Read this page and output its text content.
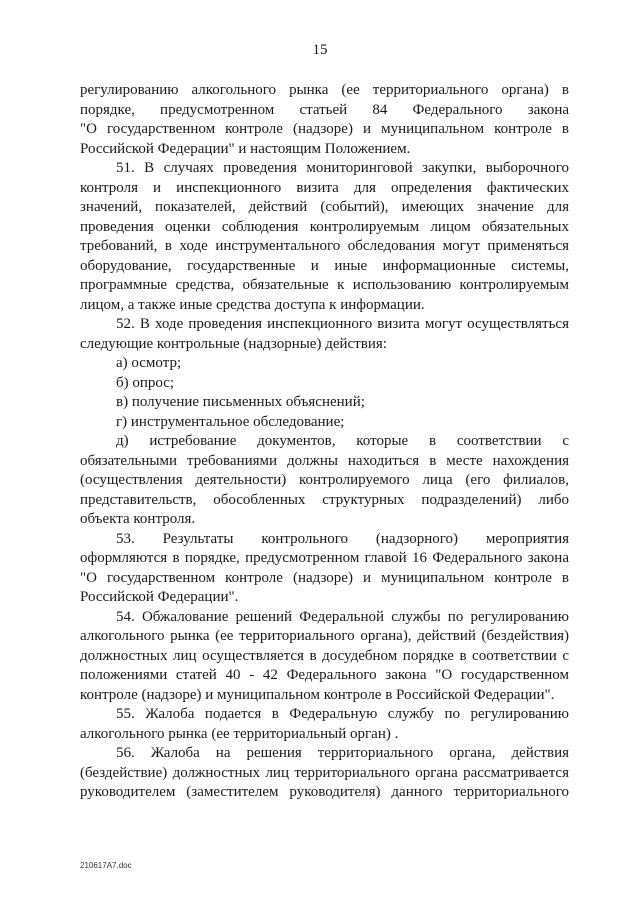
15
регулированию алкогольного рынка (ее территориального органа) в
порядке, предусмотренном статьей 84 Федерального закона
"О государственном контроле (надзоре) и муниципальном контроле в
Российской Федерации" и настоящим Положением.
51. В случаях проведения мониторинговой закупки, выборочного
контроля и инспекционного визита для определения фактических
значений, показателей, действий (событий), имеющих значение для
проведения оценки соблюдения контролируемым лицом обязательных
требований, в ходе инструментального обследования могут применяться
оборудование, государственные и иные информационные системы,
программные средства, обязательные к использованию контролируемым
лицом, а также иные средства доступа к информации.
52. В ходе проведения инспекционного визита могут осуществляться
следующие контрольные (надзорные) действия:
а) осмотр;
б) опрос;
в) получение письменных объяснений;
г) инструментальное обследование;
д) истребование документов, которые в соответствии с
обязательными требованиями должны находиться в месте нахождения
(осуществления деятельности) контролируемого лица (его филиалов,
представительств, обособленных структурных подразделений) либо
объекта контроля.
53. Результаты контрольного (надзорного) мероприятия
оформляются в порядке, предусмотренном главой 16 Федерального закона
"О государственном контроле (надзоре) и муниципальном контроле в
Российской Федерации".
54. Обжалование решений Федеральной службы по регулированию
алкогольного рынка (ее территориального органа), действий (бездействия)
должностных лиц осуществляется в досудебном порядке в соответствии с
положениями статей 40 - 42 Федерального закона "О государственном
контроле (надзоре) и муниципальном контроле в Российской Федерации".
55. Жалоба подается в Федеральную службу по регулированию
алкогольного рынка (ее территориальный орган) .
56. Жалоба на решения территориального органа, действия
(бездействие) должностных лиц территориального органа рассматривается
руководителем (заместителем руководителя) данного территориального
210617A7.doc
